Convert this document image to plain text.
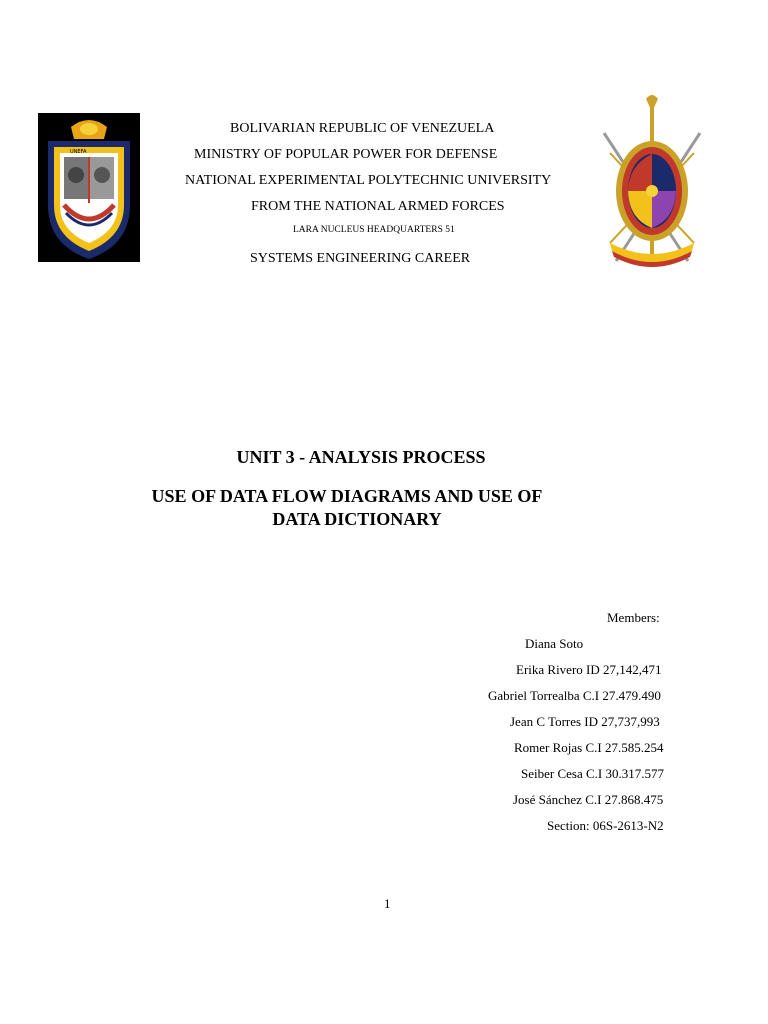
UNEFA
BOLIVARIAN REPUBLIC OF VENEZUELA
MINISTRY OF POPULAR POWER FOR DEFENSE
NATIONAL EXPERIMENTAL POLYTECHNIC UNIVERSITY
FROM THE NATIONAL ARMED FORCES
LARA NUCLEUS HEADQUARTERS 51
SYSTEMS ENGINEERING CAREER
UNIT 3 - ANALYSIS PROCESS
USE OF DATA FLOW DIAGRAMS AND USE OF
DATA DICTIONARY
Members:
Diana Soto
Erika Rivero ID 27,142,471
Gabriel Torrealba C.I 27.479.490
Jean C Torres ID 27,737,993
Romer Rojas C.I 27.585.254
Seiber Cesa C.I 30.317.577
José Sánchez C.I 27.868.475
Section: 06S-2613-N2
1
